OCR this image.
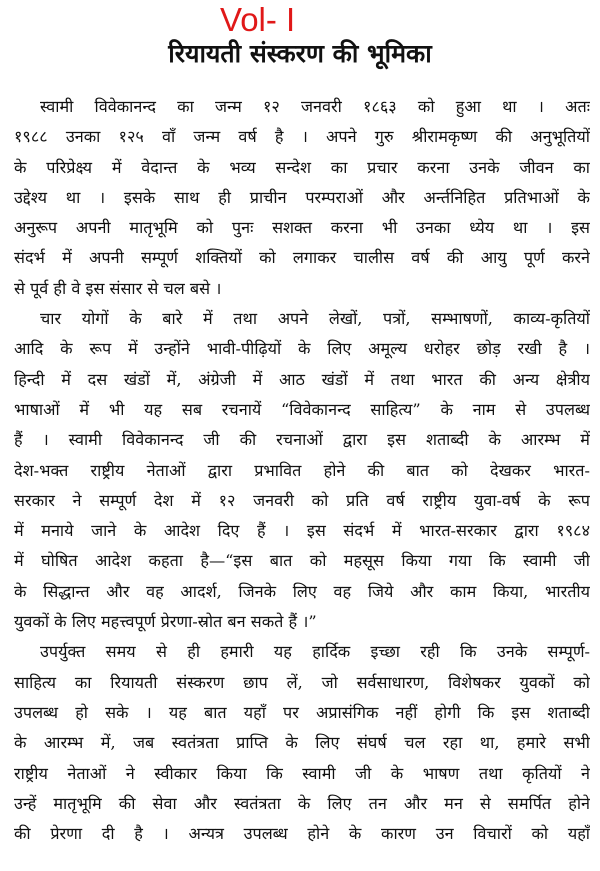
Vol- I
रियायती संस्करण की भूमिका
स्वामी विवेकानन्द का जन्म १२ जनवरी १८६३ को हुआ था । अतः
१९८८ उनका १२५ वाँ जन्म वर्ष है । अपने गुरु श्रीरामकृष्ण की अनुभूतियों
के परिप्रेक्ष्य में वेदान्त के भव्य सन्देश का प्रचार करना उनके जीवन का
उद्देश्य था । इसके साथ ही प्राचीन परम्पराओं और अर्न्तनिहित प्रतिभाओं के
अनुरूप अपनी मातृभूमि को पुनः सशक्त करना भी उनका ध्येय था । इस
संदर्भ में अपनी सम्पूर्ण शक्तियों को लगाकर चालीस वर्ष की आयु पूर्ण करने
से पूर्व ही वे इस संसार से चल बसे ।
चार योगों के बारे में तथा अपने लेखों, पत्रों, सम्भाषणों, काव्य-कृतियों
आदि के रूप में उन्होंने भावी-पीढ़ियों के लिए अमूल्य धरोहर छोड़ रखी है ।
हिन्दी में दस खंडों में, अंग्रेजी में आठ खंडों में तथा भारत की अन्य क्षेत्रीय
भाषाओं में भी यह सब रचनायें “विवेकानन्द साहित्य” के नाम से उपलब्ध
हैं । स्वामी विवेकानन्द जी की रचनाओं द्वारा इस शताब्दी के आरम्भ में
देश-भक्त राष्ट्रीय नेताओं द्वारा प्रभावित होने की बात को देखकर भारत-
सरकार ने सम्पूर्ण देश में १२ जनवरी को प्रति वर्ष राष्ट्रीय युवा-वर्ष के रूप
में मनाये जाने के आदेश दिए हैं । इस संदर्भ में भारत-सरकार द्वारा १९८४
में घोषित आदेश कहता है—“इस बात को महसूस किया गया कि स्वामी जी
के सिद्धान्त और वह आदर्श, जिनके लिए वह जिये और काम किया, भारतीय
युवकों के लिए महत्त्वपूर्ण प्रेरणा-स्रोत बन सकते हैं ।”
उपर्युक्त समय से ही हमारी यह हार्दिक इच्छा रही कि उनके सम्पूर्ण-
साहित्य का रियायती संस्करण छाप लें, जो सर्वसाधारण, विशेषकर युवकों को
उपलब्ध हो सके । यह बात यहाँ पर अप्रासंगिक नहीं होगी कि इस शताब्दी
के आरम्भ में, जब स्वतंत्रता प्राप्ति के लिए संघर्ष चल रहा था, हमारे सभी
राष्ट्रीय नेताओं ने स्वीकार किया कि स्वामी जी के भाषण तथा कृतियों ने
उन्हें मातृभूमि की सेवा और स्वतंत्रता के लिए तन और मन से समर्पित होने
की प्रेरणा दी है । अन्यत्र उपलब्ध होने के कारण उन विचारों को यहाँ
